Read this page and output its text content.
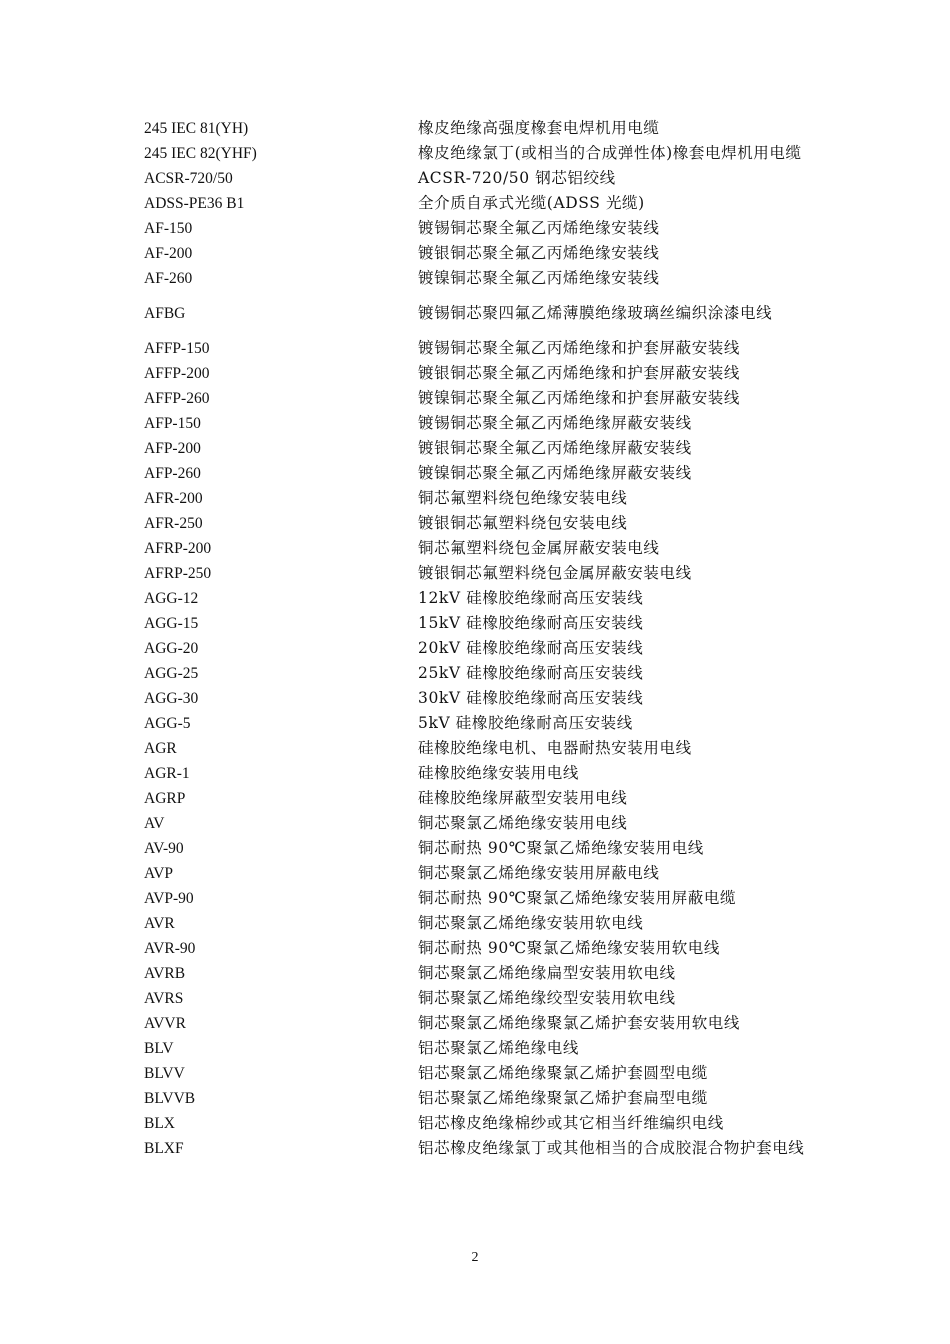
245 IEC 81(YH)	橡皮绝缘高强度橡套电焊机用电缆
245 IEC 82(YHF)	橡皮绝缘氯丁(或相当的合成弹性体)橡套电焊机用电缆
ACSR-720/50	ACSR-720/50 钢芯铝绞线
ADSS-PE36 B1	全介质自承式光缆(ADSS 光缆)
AF-150	镀锡铜芯聚全氟乙丙烯绝缘安装线
AF-200	镀银铜芯聚全氟乙丙烯绝缘安装线
AF-260	镀镍铜芯聚全氟乙丙烯绝缘安装线
AFBG	镀锡铜芯聚四氟乙烯薄膜绝缘玻璃丝编织涂漆电线
AFFP-150	镀锡铜芯聚全氟乙丙烯绝缘和护套屏蔽安装线
AFFP-200	镀银铜芯聚全氟乙丙烯绝缘和护套屏蔽安装线
AFFP-260	镀镍铜芯聚全氟乙丙烯绝缘和护套屏蔽安装线
AFP-150	镀锡铜芯聚全氟乙丙烯绝缘屏蔽安装线
AFP-200	镀银铜芯聚全氟乙丙烯绝缘屏蔽安装线
AFP-260	镀镍铜芯聚全氟乙丙烯绝缘屏蔽安装线
AFR-200	铜芯氟塑料绕包绝缘安装电线
AFR-250	镀银铜芯氟塑料绕包安装电线
AFRP-200	铜芯氟塑料绕包金属屏蔽安装电线
AFRP-250	镀银铜芯氟塑料绕包金属屏蔽安装电线
AGG-12	12kV 硅橡胶绝缘耐高压安装线
AGG-15	15kV 硅橡胶绝缘耐高压安装线
AGG-20	20kV 硅橡胶绝缘耐高压安装线
AGG-25	25kV 硅橡胶绝缘耐高压安装线
AGG-30	30kV 硅橡胶绝缘耐高压安装线
AGG-5	5kV 硅橡胶绝缘耐高压安装线
AGR	硅橡胶绝缘电机、电器耐热安装用电线
AGR-1	硅橡胶绝缘安装用电线
AGRP	硅橡胶绝缘屏蔽型安装用电线
AV	铜芯聚氯乙烯绝缘安装用电线
AV-90	铜芯耐热 90℃聚氯乙烯绝缘安装用电线
AVP	铜芯聚氯乙烯绝缘安装用屏蔽电线
AVP-90	铜芯耐热 90℃聚氯乙烯绝缘安装用屏蔽电缆
AVR	铜芯聚氯乙烯绝缘安装用软电线
AVR-90	铜芯耐热 90℃聚氯乙烯绝缘安装用软电线
AVRB	铜芯聚氯乙烯绝缘扁型安装用软电线
AVRS	铜芯聚氯乙烯绝缘绞型安装用软电线
AVVR	铜芯聚氯乙烯绝缘聚氯乙烯护套安装用软电线
BLV	铝芯聚氯乙烯绝缘电线
BLVV	铝芯聚氯乙烯绝缘聚氯乙烯护套圆型电缆
BLVVB	铝芯聚氯乙烯绝缘聚氯乙烯护套扁型电缆
BLX	铝芯橡皮绝缘棉纱或其它相当纤维编织电线
BLXF	铝芯橡皮绝缘氯丁或其他相当的合成胶混合物护套电线
2
